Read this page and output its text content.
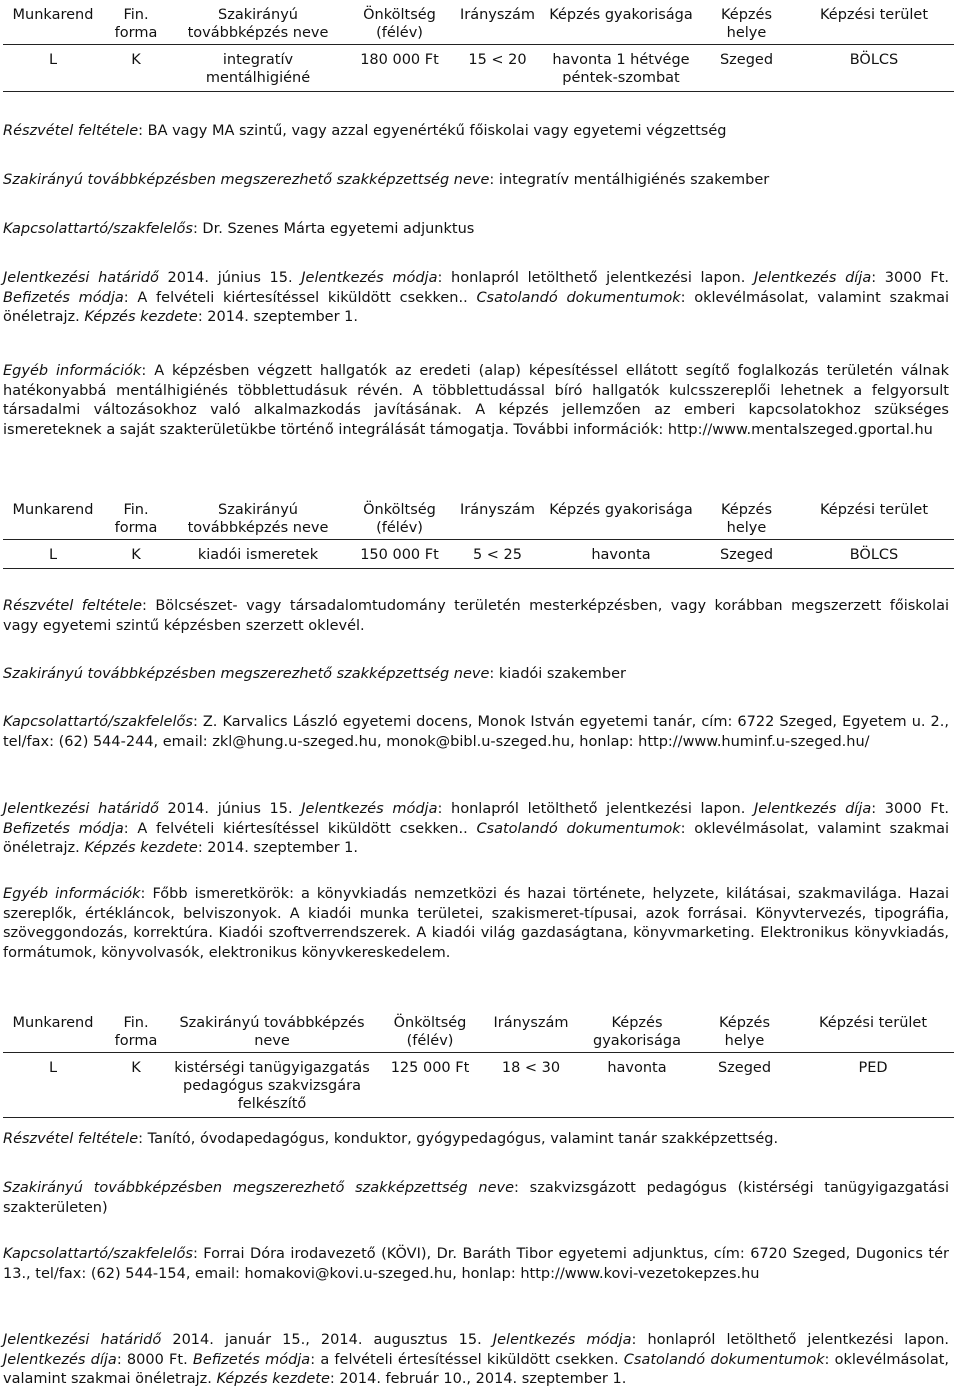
Munkarend	Fin. forma	Szakirányú továbbképzés neve	Önköltség (félév)	Irányszám	Képzés gyakorisága	Képzés helye	Képzési terület
L	K	integratív mentálhigiéné	180 000 Ft	15 < 20	havonta 1 hétvége péntek-szombat	Szeged	BÖLCS

Részvétel feltétele: BA vagy MA szintű, vagy azzal egyenértékű főiskolai vagy egyetemi végzettség

Szakirányú továbbképzésben megszerezhető szakképzettség neve: integratív mentálhigiénés szakember

Kapcsolattartó/szakfelelős: Dr. Szenes Márta egyetemi adjunktus

Jelentkezési határidő 2014. június 15. Jelentkezés módja: honlapról letölthető jelentkezési lapon. Jelentkezés díja: 3000 Ft. Befizetés módja: A felvételi kiértesítéssel kiküldött csekken.. Csatolandó dokumentumok: oklevélmásolat, valamint szakmai önéletrajz. Képzés kezdete: 2014. szeptember 1.

Egyéb információk: A képzésben végzett hallgatók az eredeti (alap) képesítéssel ellátott segítő foglalkozás területén válnak hatékonyabbá mentálhigiénés többlettudásuk révén. A többlettudással bíró hallgatók kulcsszereplői lehetnek a felgyorsult társadalmi változásokhoz való alkalmazkodás javításának. A képzés jellemzően az emberi kapcsolatokhoz szükséges ismereteknek a saját szakterületükbe történő integrálását támogatja. További információk: http://www.mentalszeged.gportal.hu

Munkarend	Fin. forma	Szakirányú továbbképzés neve	Önköltség (félév)	Irányszám	Képzés gyakorisága	Képzés helye	Képzési terület
L	K	kiadói ismeretek	150 000 Ft	5 < 25	havonta	Szeged	BÖLCS

Részvétel feltétele: Bölcsészet- vagy társadalomtudomány területén mesterképzésben, vagy korábban megszerzett főiskolai vagy egyetemi szintű képzésben szerzett oklevél.

Szakirányú továbbképzésben megszerezhető szakképzettség neve: kiadói szakember

Kapcsolattartó/szakfelelős: Z. Karvalics László egyetemi docens, Monok István egyetemi tanár, cím: 6722 Szeged, Egyetem u. 2., tel/fax: (62) 544-244, email: zkl@hung.u-szeged.hu, monok@bibl.u-szeged.hu, honlap: http://www.huminf.u-szeged.hu/

Jelentkezési határidő 2014. június 15. Jelentkezés módja: honlapról letölthető jelentkezési lapon. Jelentkezés díja: 3000 Ft. Befizetés módja: A felvételi kiértesítéssel kiküldött csekken.. Csatolandó dokumentumok: oklevélmásolat, valamint szakmai önéletrajz. Képzés kezdete: 2014. szeptember 1.

Egyéb információk: Főbb ismeretkörök: a könyvkiadás nemzetközi és hazai története, helyzete, kilátásai, szakmavilága. Hazai szereplők, értékláncok, belviszonyok. A kiadói munka területei, szakismeret-típusai, azok forrásai. Könyvtervezés, tipográfia, szöveggondozás, korrektúra. Kiadói szoftverrendszerek. A kiadói világ gazdaságtana, könyvmarketing. Elektronikus könyvkiadás, formátumok, könyvolvasók, elektronikus könyvkereskedelem.

Munkarend	Fin. forma	Szakirányú továbbképzés neve	Önköltség (félév)	Irányszám	Képzés gyakorisága	Képzés helye	Képzési terület
L	K	kistérségi tanügyigazgatás pedagógus szakvizsgára felkészítő	125 000 Ft	18 < 30	havonta	Szeged	PED

Részvétel feltétele: Tanító, óvodapedagógus, konduktor, gyógypedagógus, valamint tanár szakképzettség.

Szakirányú továbbképzésben megszerezhető szakképzettség neve: szakvizsgázott pedagógus (kistérségi tanügyigazgatási szakterületen)

Kapcsolattartó/szakfelelős: Forrai Dóra irodavezető (KÖVI), Dr. Baráth Tibor egyetemi adjunktus, cím: 6720 Szeged, Dugonics tér 13., tel/fax: (62) 544-154, email: homakovi@kovi.u-szeged.hu, honlap: http://www.kovi-vezetokepzes.hu

Jelentkezési határidő 2014. január 15., 2014. augusztus 15. Jelentkezés módja: honlapról letölthető jelentkezési lapon. Jelentkezés díja: 8000 Ft. Befizetés módja: a felvételi értesítéssel kiküldött csekken. Csatolandó dokumentumok: oklevélmásolat, valamint szakmai önéletrajz. Képzés kezdete: 2014. február 10., 2014. szeptember 1.
